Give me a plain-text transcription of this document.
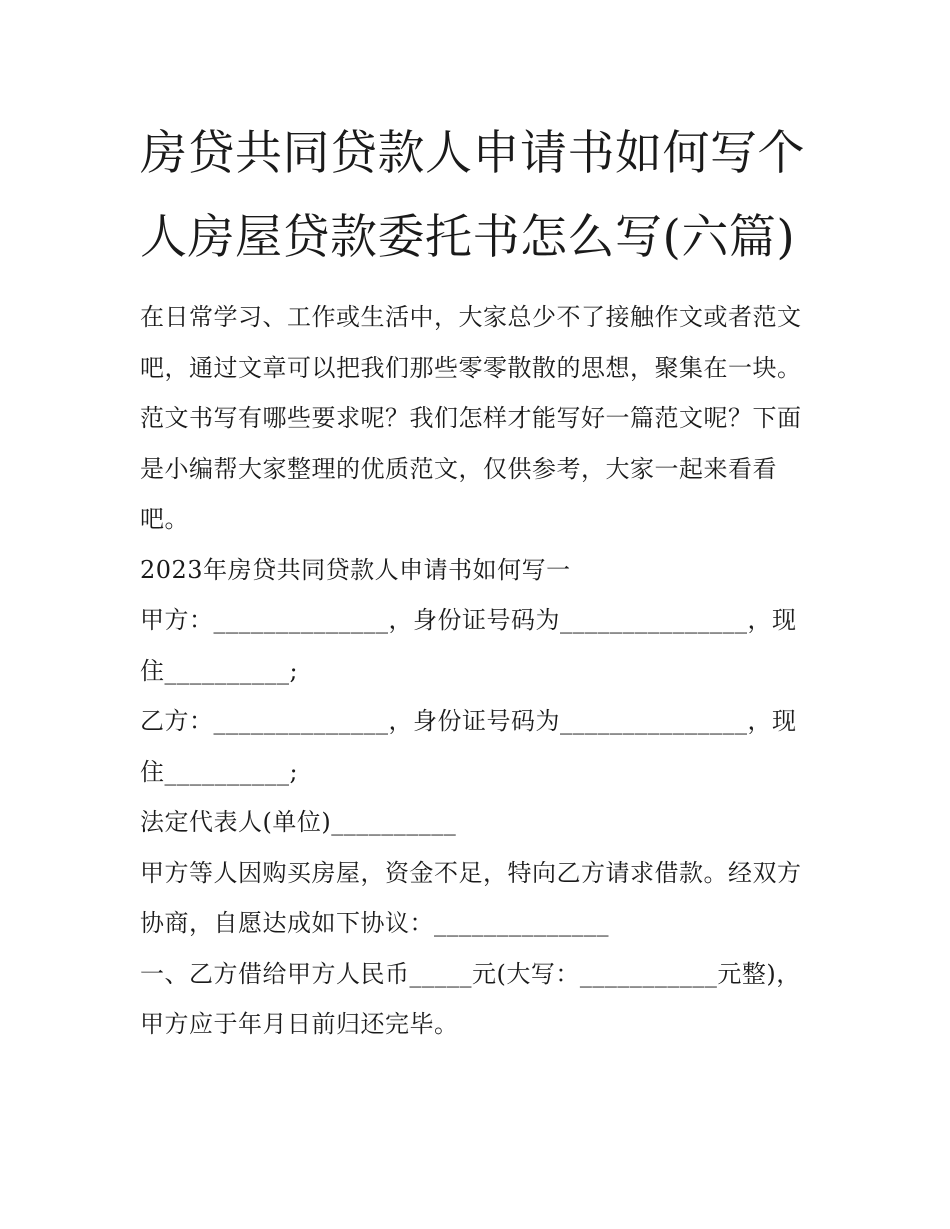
房贷共同贷款人申请书如何写个人房屋贷款委托书怎么写(六篇)

在日常学习、工作或生活中，大家总少不了接触作文或者范文吧，通过文章可以把我们那些零零散散的思想，聚集在一块。范文书写有哪些要求呢？我们怎样才能写好一篇范文呢？下面是小编帮大家整理的优质范文，仅供参考，大家一起来看看吧。

2023年房贷共同贷款人申请书如何写一

甲方：______________，身份证号码为_______________，现住__________;

乙方：______________，身份证号码为_______________，现住__________;

法定代表人(单位)__________

甲方等人因购买房屋，资金不足，特向乙方请求借款。经双方协商，自愿达成如下协议：______________

一、乙方借给甲方人民币_____元(大写：___________元整)，甲方应于年月日前归还完毕。
